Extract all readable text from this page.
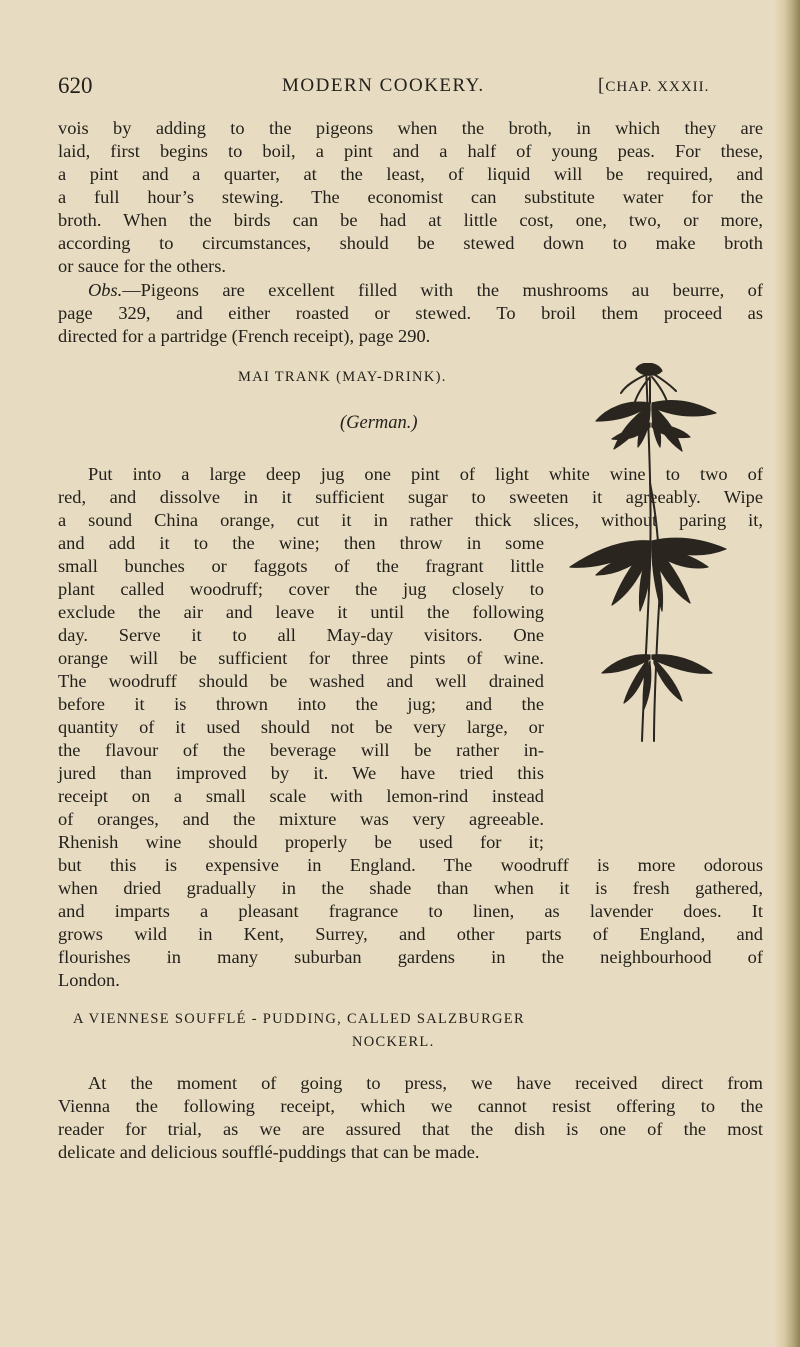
620	MODERN COOKERY.	[CHAP. XXXII.
vois by adding to the pigeons when the broth, in which they are
laid, first begins to boil, a pint and a half of young peas. For these,
a pint and a quarter, at the least, of liquid will be required, and
a full hour’s stewing. The economist can substitute water for the
broth. When the birds can be had at little cost, one, two, or more,
according to circumstances, should be stewed down to make broth
or sauce for the others.
Obs.—Pigeons are excellent filled with the mushrooms au beurre, of
page 329, and either roasted or stewed. To broil them proceed as
directed for a partridge (French receipt), page 290.
MAI TRANK (MAY-DRINK).
(German.)
Put into a large deep jug one pint of light white wine to two of
red, and dissolve in it sufficient sugar to sweeten it agreeably. Wipe
a sound China orange, cut it in rather thick slices, without paring it,
and add it to the wine; then throw in some
small bunches or faggots of the fragrant little
plant called woodruff; cover the jug closely to
exclude the air and leave it until the following
day. Serve it to all May-day visitors. One
orange will be sufficient for three pints of wine.
The woodruff should be washed and well drained
before it is thrown into the jug; and the
quantity of it used should not be very large, or
the flavour of the beverage will be rather in-
jured than improved by it. We have tried this
receipt on a small scale with lemon-rind instead
of oranges, and the mixture was very agreeable.
Rhenish wine should properly be used for it;
but this is expensive in England. The woodruff is more odorous
when dried gradually in the shade than when it is fresh gathered,
and imparts a pleasant fragrance to linen, as lavender does. It
grows wild in Kent, Surrey, and other parts of England, and
flourishes in many suburban gardens in the neighbourhood of
London.
A VIENNESE SOUFFLÉ - PUDDING, CALLED SALZBURGER
NOCKERL.
At the moment of going to press, we have received direct from
Vienna the following receipt, which we cannot resist offering to the
reader for trial, as we are assured that the dish is one of the most
delicate and delicious soufflé-puddings that can be made.
